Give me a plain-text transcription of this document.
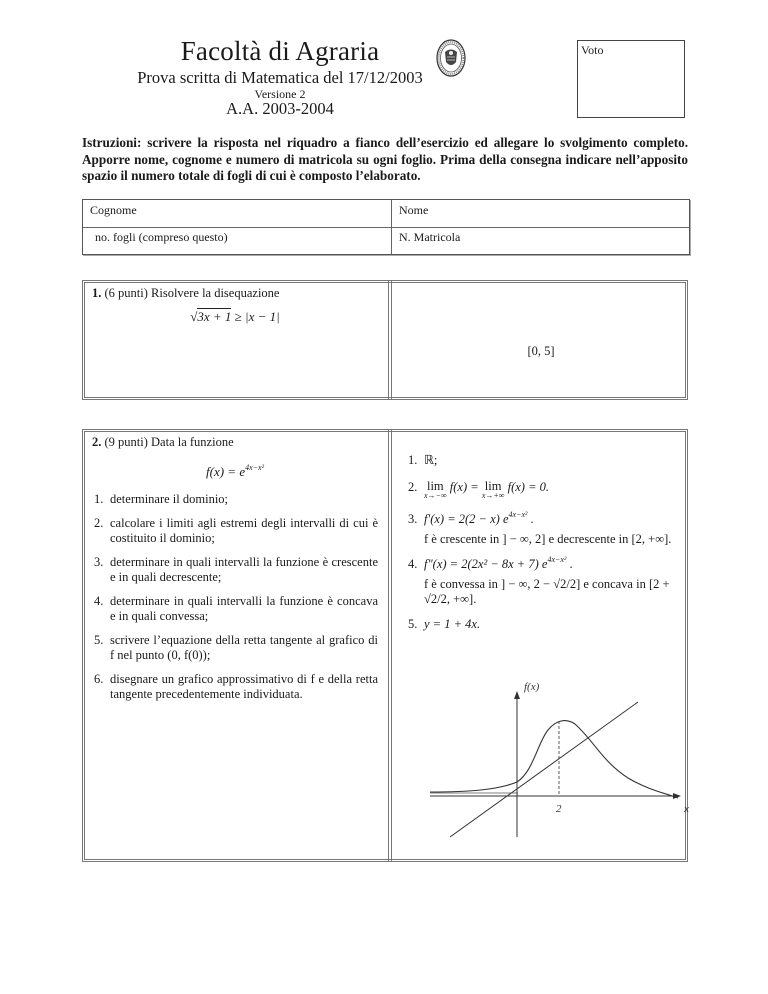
Facoltà di Agraria
Prova scritta di Matematica del 17/12/2003
Versione 2
A.A. 2003-2004
Voto
Istruzioni: scrivere la risposta nel riquadro a fianco dell’esercizio ed allegare lo svolgimento completo. Apporre nome, cognome e numero di matricola su ogni foglio. Prima della consegna indicare nell’apposito spazio il numero totale di fogli di cui è composto l’elaborato.
Cognome	Nome
no. fogli (compreso questo)	N. Matricola
1. (6 punti) Risolvere la disequazione
√3x + 1 ≥ |x − 1|
[0, 5]
2. (9 punti) Data la funzione
$f(x) = e^{4x-x^2}$
1. determinare il dominio;
2. calcolare i limiti agli estremi degli intervalli di cui è costituito il dominio;
3. determinare in quali intervalli la funzione è crescente e in quali decrescente;
4. determinare in quali intervalli la funzione è concava e in quali convessa;
5. scrivere l’equazione della retta tangente al grafico di f nel punto (0, f(0));
6. disegnare un grafico approssimativo di f e della retta tangente precedentemente individuata.
1. ℝ;
2. lim
x→−∞
f(x) = lim
x→+∞
f(x) = 0.
3. f′(x) = 2(2 − x) $e^{4x-x^2}$ .
f è crescente in ] − ∞, 2] e decrescente in [2, +∞].
4. f″(x) = 2(2x² − 8x + 7) $e^{4x-x^2}$ .
f è convessa in ] − ∞, 2 − √2/2] e concava in [2 + √2/2, +∞].
5. y = 1 + 4x.
f(x)
x
2
